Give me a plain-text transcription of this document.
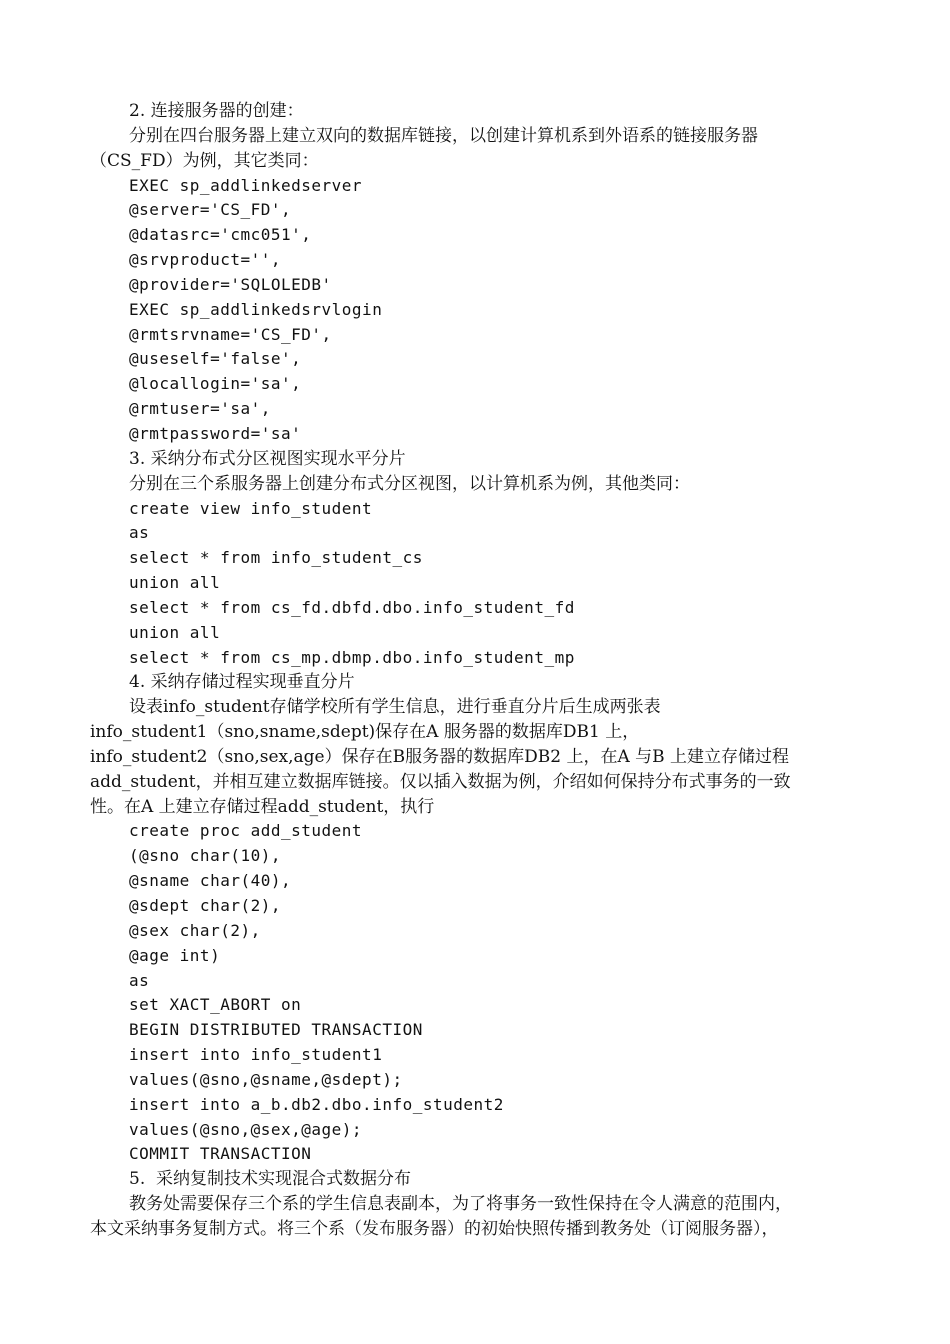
2. 连接服务器的创建：
分别在四台服务器上建立双向的数据库链接，以创建计算机系到外语系的链接服务器
（CS_FD）为例，其它类同：
EXEC sp_addlinkedserver
@server='CS_FD',
@datasrc='cmc051',
@srvproduct='',
@provider='SQLOLEDB'
EXEC sp_addlinkedsrvlogin
@rmtsrvname='CS_FD',
@useself='false',
@locallogin='sa',
@rmtuser='sa',
@rmtpassword='sa'
3. 采纳分布式分区视图实现水平分片
分别在三个系服务器上创建分布式分区视图，以计算机系为例，其他类同：
create view info_student
as
select * from info_student_cs
union all
select * from cs_fd.dbfd.dbo.info_student_fd
union all
select * from cs_mp.dbmp.dbo.info_student_mp
4. 采纳存储过程实现垂直分片
设表info_student存储学校所有学生信息，进行垂直分片后生成两张表
info_student1（sno,sname,sdept)保存在A 服务器的数据库DB1 上，
info_student2（sno,sex,age）保存在B服务器的数据库DB2 上，在A 与B 上建立存储过程
add_student，并相互建立数据库链接。仅以插入数据为例，介绍如何保持分布式事务的一致
性。在A 上建立存储过程add_student，执行
create proc add_student
(@sno char(10),
@sname char(40),
@sdept char(2),
@sex char(2),
@age int)
as
set XACT_ABORT on
BEGIN DISTRIBUTED TRANSACTION
insert into info_student1
values(@sno,@sname,@sdept);
insert into a_b.db2.dbo.info_student2
values(@sno,@sex,@age);
COMMIT TRANSACTION
5.  采纳复制技术实现混合式数据分布
教务处需要保存三个系的学生信息表副本，为了将事务一致性保持在令人满意的范围内，
本文采纳事务复制方式。将三个系（发布服务器）的初始快照传播到教务处（订阅服务器），
